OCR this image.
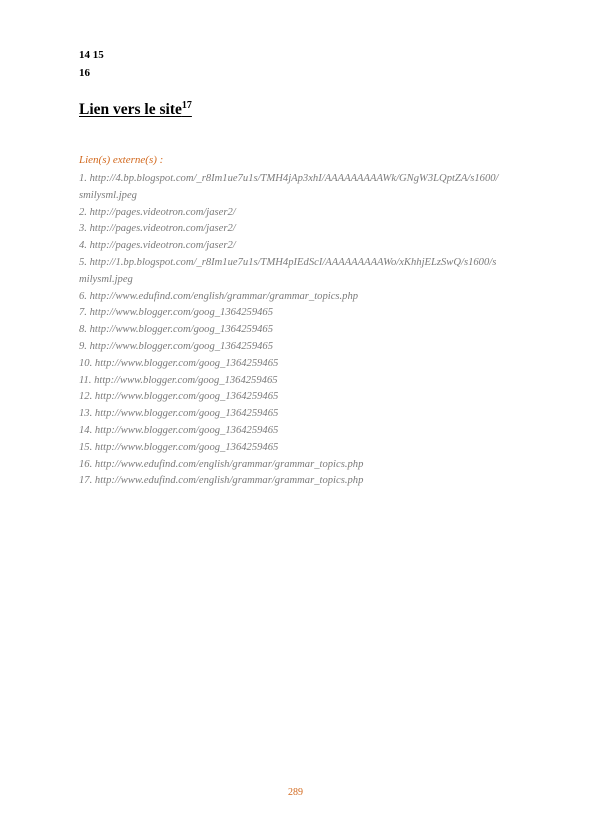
14 15
16
Lien vers le site$^{17}$
Lien(s) externe(s) :
1. http://4.bp.blogspot.com/_r8Im1ue7u1s/TMH4jAp3xhI/AAAAAAAAAWk/GNgW3LQptZA/s1600/smilysml.jpeg
2. http://pages.videotron.com/jaser2/
3. http://pages.videotron.com/jaser2/
4. http://pages.videotron.com/jaser2/
5. http://1.bp.blogspot.com/_r8Im1ue7u1s/TMH4pIEdScI/AAAAAAAAAWo/xKhhjELzSwQ/s1600/smilysml.jpeg
6. http://www.edufind.com/english/grammar/grammar_topics.php
7. http://www.blogger.com/goog_1364259465
8. http://www.blogger.com/goog_1364259465
9. http://www.blogger.com/goog_1364259465
10. http://www.blogger.com/goog_1364259465
11. http://www.blogger.com/goog_1364259465
12. http://www.blogger.com/goog_1364259465
13. http://www.blogger.com/goog_1364259465
14. http://www.blogger.com/goog_1364259465
15. http://www.blogger.com/goog_1364259465
16. http://www.edufind.com/english/grammar/grammar_topics.php
17. http://www.edufind.com/english/grammar/grammar_topics.php
289
